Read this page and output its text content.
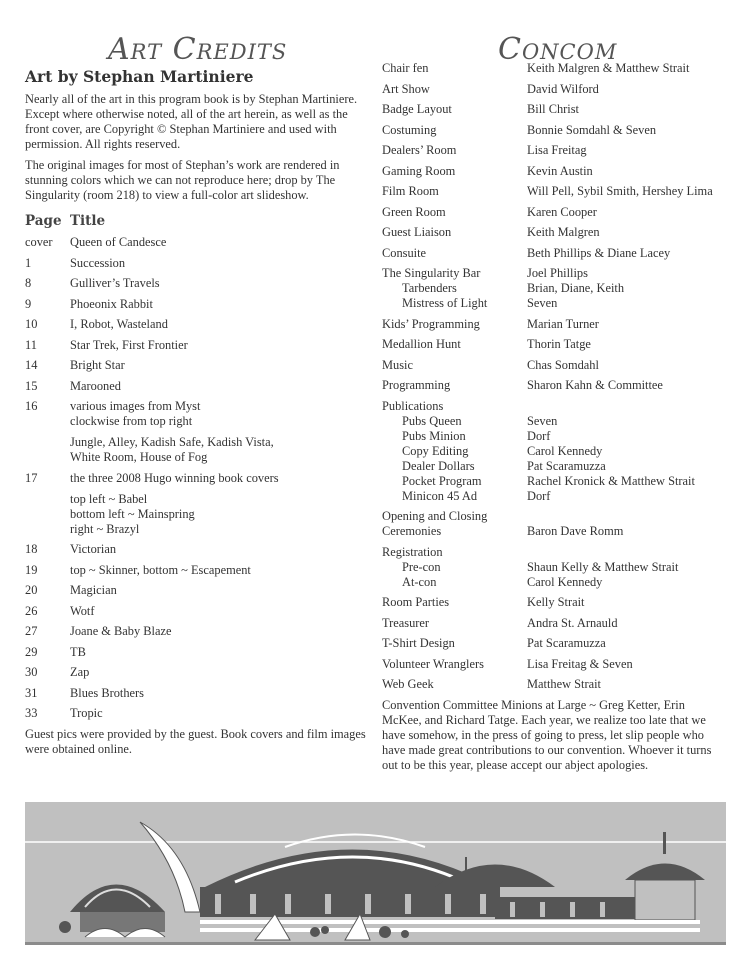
Art Credits	Concom
Art by Stephan Martiniere

Nearly all of the art in this program book is by Stephan Martiniere. Except where otherwise noted, all of the art herein, as well as the front cover, are Copyright © Stephan Martiniere and used with permission. All rights reserved.

The original images for most of Stephan’s work are rendered in stunning colors which we can not reproduce here; drop by The Singularity (room 218) to view a full-color art slideshow.

Page Title
cover	Queen of Candesce
1	Succession
8	Gulliver’s Travels
9	Phoeonix Rabbit
10	I, Robot, Wasteland
11	Star Trek, First Frontier
14	Bright Star
15	Marooned
16	various images from Myst
clockwise from top right
Jungle, Alley, Kadish Safe, Kadish Vista,
White Room, House of Fog
17	the three 2008 Hugo winning book covers
top left ~ Babel
bottom left ~ Mainspring
right ~ Brazyl
18	Victorian
19	top ~ Skinner, bottom ~ Escapement
20	Magician
26	Wotf
27	Joane & Baby Blaze
29	TB
30	Zap
31	Blues Brothers
33	Tropic

Guest pics were provided by the guest. Book covers and film images were obtained online.

Chair fen	Keith Malgren & Matthew Strait
Art Show	David Wilford
Badge Layout	Bill Christ
Costuming	Bonnie Somdahl & Seven
Dealers’ Room	Lisa Freitag
Gaming Room	Kevin Austin
Film Room	Will Pell, Sybil Smith, Hershey Lima
Green Room	Karen Cooper
Guest Liaison	Keith Malgren
Consuite	Beth Phillips & Diane Lacey
The Singularity Bar	Joel Phillips
Tarbenders	Brian, Diane, Keith
Mistress of Light	Seven
Kids’ Programming	Marian Turner
Medallion Hunt	Thorin Tatge
Music	Chas Somdahl
Programming	Sharon Kahn & Committee
Publications
Pubs Queen	Seven
Pubs Minion	Dorf
Copy Editing	Carol Kennedy
Dealer Dollars	Pat Scaramuzza
Pocket Program	Rachel Kronick & Matthew Strait
Minicon 45 Ad	Dorf
Opening and Closing
Ceremonies	Baron Dave Romm
Registration
Pre-con	Shaun Kelly & Matthew Strait
At-con	Carol Kennedy
Room Parties	Kelly Strait
Treasurer	Andra St. Arnauld
T-Shirt Design	Pat Scaramuzza
Volunteer Wranglers	Lisa Freitag & Seven
Web Geek	Matthew Strait

Convention Committee Minions at Large ~ Greg Ketter, Erin McKee, and Richard Tatge. Each year, we realize too late that we have somehow, in the press of going to press, let slip people who have made great contributions to our convention. Whoever it turns out to be this year, please accept our abject apologies.
